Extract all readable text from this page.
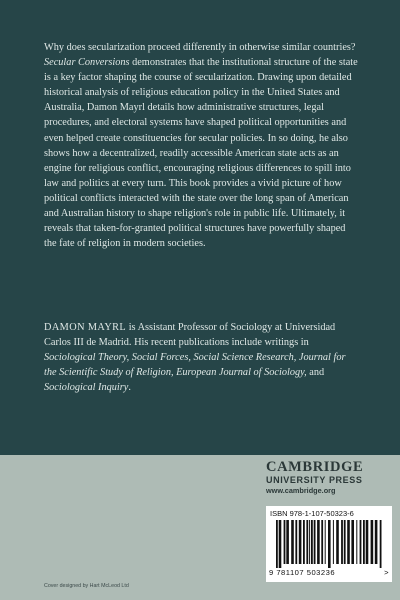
Why does secularization proceed differently in otherwise similar countries? Secular Conversions demonstrates that the institutional structure of the state is a key factor shaping the course of secularization. Drawing upon detailed historical analysis of religious education policy in the United States and Australia, Damon Mayrl details how administrative structures, legal procedures, and electoral systems have shaped political opportunities and even helped create constituencies for secular policies. In so doing, he also shows how a decentralized, readily accessible American state acts as an engine for religious conflict, encouraging religious differences to spill into law and politics at every turn. This book provides a vivid picture of how political conflicts interacted with the state over the long span of American and Australian history to shape religion's role in public life. Ultimately, it reveals that taken-for-granted political structures have powerfully shaped the fate of religion in modern societies.

DAMON MAYRL is Assistant Professor of Sociology at Universidad Carlos III de Madrid. His recent publications include writings in Sociological Theory, Social Forces, Social Science Research, Journal for the Scientific Study of Religion, European Journal of Sociology, and Sociological Inquiry.

CAMBRIDGE
UNIVERSITY PRESS
www.cambridge.org
ISBN 978-1-107-50323-6
9 781107 503236	>
Cover designed by Hart McLeod Ltd
